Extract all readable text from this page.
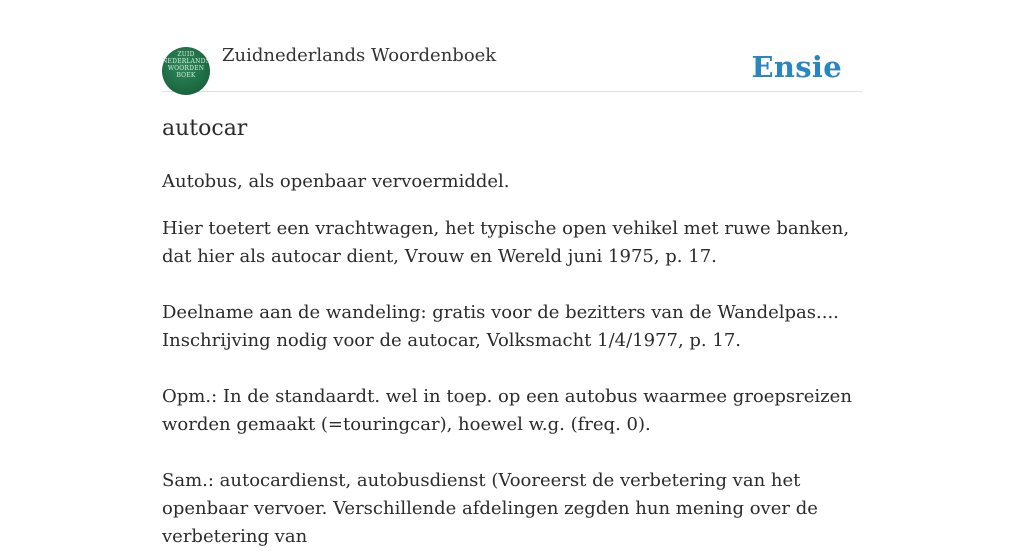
ZUID
NEDERLANDS
WOORDEN
BOEK
Zuidnederlands Woordenboek	Ensie
autocar
Autobus, als openbaar vervoermiddel.
Hier toetert een vrachtwagen, het typische open vehikel met ruwe banken, dat hier als autocar dient, Vrouw en Wereld juni 1975, p. 17.
Deelname aan de wandeling: gratis voor de bezitters van de Wandelpas.... Inschrijving nodig voor de autocar, Volksmacht 1/4/1977, p. 17.
Opm.: In de standaardt. wel in toep. op een autobus waarmee groepsreizen worden gemaakt (=touringcar), hoewel w.g. (freq. 0).
Sam.: autocardienst, autobusdienst (Vooreerst de verbetering van het openbaar vervoer. Verschillende afdelingen zegden hun mening over de verbetering van
